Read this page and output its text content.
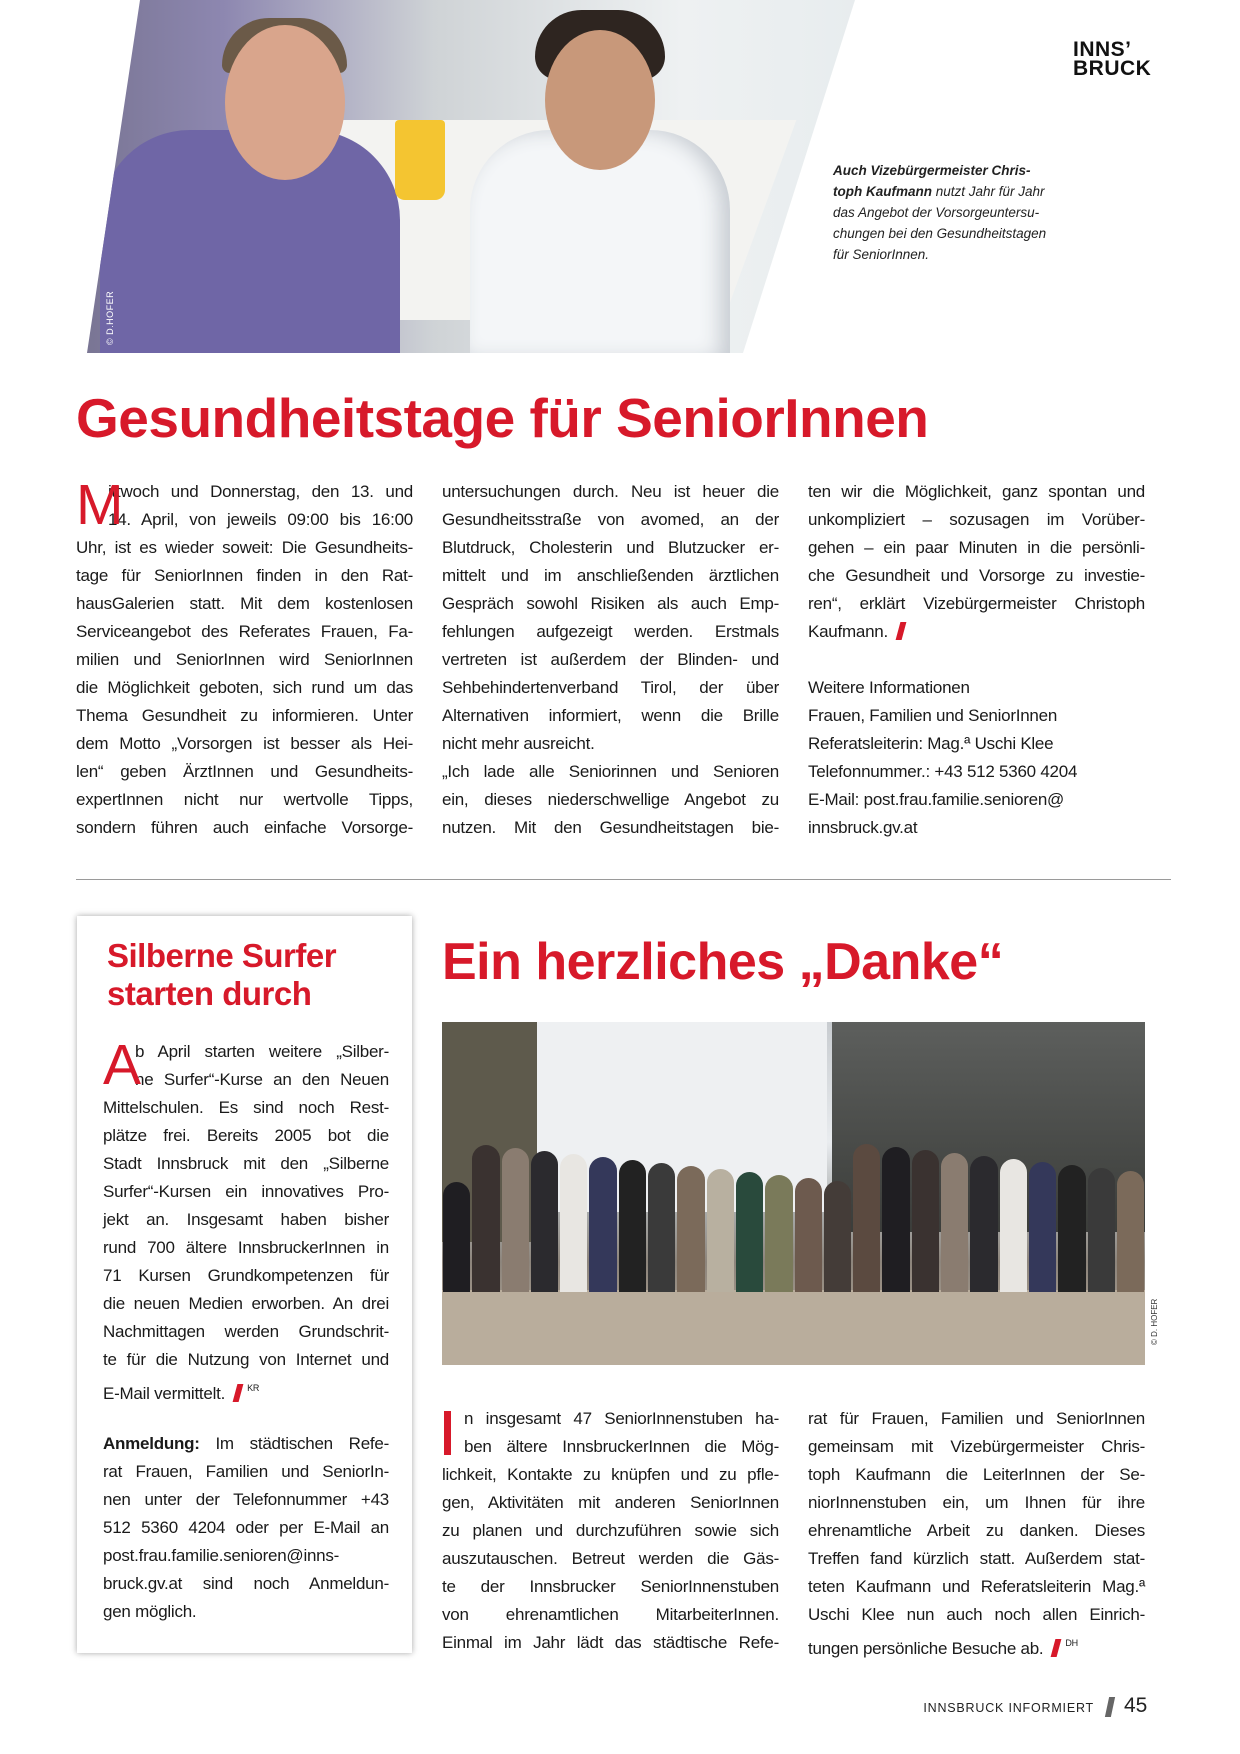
© D.HOFER
INNS’
BRUCK
Auch Vizebürgermeister Chris-
toph Kaufmann nutzt Jahr für Jahr
das Angebot der Vorsorgeuntersu-
chungen bei den Gesundheitstagen
für SeniorInnen.
Gesundheitstage für SeniorInnen
M
ittwoch und Donnerstag, den 13. und
14. April, von jeweils 09:00 bis 16:00
Uhr, ist es wieder soweit: Die Gesundheits-
tage für SeniorInnen finden in den Rat-
hausGalerien statt. Mit dem kostenlosen
Serviceangebot des Referates Frauen, Fa-
milien und SeniorInnen wird SeniorInnen
die Möglichkeit geboten, sich rund um das
Thema Gesundheit zu informieren. Unter
dem Motto „Vorsorgen ist besser als Hei-
len“ geben ÄrztInnen und Gesundheits-
expertInnen nicht nur wertvolle Tipps,
sondern führen auch einfache Vorsorge-
untersuchungen durch. Neu ist heuer die
Gesundheitsstraße von avomed, an der
Blutdruck, Cholesterin und Blutzucker er-
mittelt und im anschließenden ärztlichen
Gespräch sowohl Risiken als auch Emp-
fehlungen aufgezeigt werden. Erstmals
vertreten ist außerdem der Blinden- und
Sehbehindertenverband Tirol, der über
Alternativen informiert, wenn die Brille
nicht mehr ausreicht.
„Ich lade alle Seniorinnen und Senioren
ein, dieses niederschwellige Angebot zu
nutzen. Mit den Gesundheitstagen bie-
ten wir die Möglichkeit, ganz spontan und
unkompliziert – sozusagen im Vorüber-
gehen – ein paar Minuten in die persönli-
che Gesundheit und Vorsorge zu investie-
ren“, erklärt Vizebürgermeister Christoph
Kaufmann.
Weitere Informationen
Frauen, Familien und SeniorInnen
Referatsleiterin: Mag.ª Uschi Klee
Telefonnummer.: +43 512 5360 4204
E-Mail: post.frau.familie.senioren@
innsbruck.gv.at
Silberne Surfer
starten durch
A
b April starten weitere „Silber-
ne Surfer“-Kurse an den Neuen
Mittelschulen. Es sind noch Rest-
plätze frei. Bereits 2005 bot die
Stadt Innsbruck mit den „Silberne
Surfer“-Kursen ein innovatives Pro-
jekt an. Insgesamt haben bisher
rund 700 ältere InnsbruckerInnen in
71 Kursen Grundkompetenzen für
die neuen Medien erworben. An drei
Nachmittagen werden Grundschrit-
te für die Nutzung von Internet und
E-Mail vermittelt. $^{KR}$
Anmeldung: Im städtischen Refe-
rat Frauen, Familien und SeniorIn-
nen unter der Telefonnummer +43
512 5360 4204 oder per E-Mail an
post.frau.familie.senioren@inns-
bruck.gv.at sind noch Anmeldun-
gen möglich.
Ein herzliches „Danke“
© D. HOFER
n insgesamt 47 SeniorInnenstuben ha-
ben ältere InnsbruckerInnen die Mög-
lichkeit, Kontakte zu knüpfen und zu pfle-
gen, Aktivitäten mit anderen SeniorInnen
zu planen und durchzuführen sowie sich
auszutauschen. Betreut werden die Gäs-
te der Innsbrucker SeniorInnenstuben
von ehrenamtlichen MitarbeiterInnen.
Einmal im Jahr lädt das städtische Refe-
rat für Frauen, Familien und SeniorInnen
gemeinsam mit Vizebürgermeister Chris-
toph Kaufmann die LeiterInnen der Se-
niorInnenstuben ein, um Ihnen für ihre
ehrenamtliche Arbeit zu danken. Dieses
Treffen fand kürzlich statt. Außerdem stat-
teten Kaufmann und Referatsleiterin Mag.ª
Uschi Klee nun auch noch allen Einrich-
tungen persönliche Besuche ab. $^{DH}$
INNSBRUCK INFORMIERT 45
